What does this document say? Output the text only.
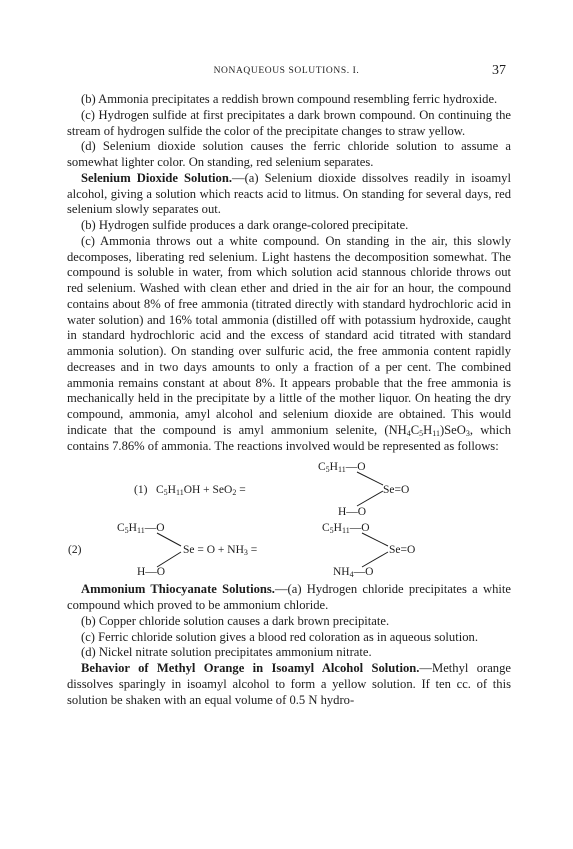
NONAQUEOUS SOLUTIONS. I.	37

(b) Ammonia precipitates a reddish brown compound resembling ferric hydroxide.

(c) Hydrogen sulfide at first precipitates a dark brown compound. On continuing the stream of hydrogen sulfide the color of the precipitate changes to straw yellow.

(d) Selenium dioxide solution causes the ferric chloride solution to assume a somewhat lighter color. On standing, red selenium separates.

Selenium Dioxide Solution.—(a) Selenium dioxide dissolves readily in isoamyl alcohol, giving a solution which reacts acid to litmus. On standing for several days, red selenium slowly separates out.

(b) Hydrogen sulfide produces a dark orange-colored precipitate.

(c) Ammonia throws out a white compound. On standing in the air, this slowly decomposes, liberating red selenium. Light hastens the decomposition somewhat. The compound is soluble in water, from which solution acid stannous chloride throws out red selenium. Washed with clean ether and dried in the air for an hour, the compound contains about 8% of free ammonia (titrated directly with standard hydrochloric acid in water solution) and 16% total ammonia (distilled off with potassium hydroxide, caught in standard hydrochloric acid and the excess of standard acid titrated with standard ammonia solution). On standing over sulfuric acid, the free ammonia content rapidly decreases and in two days amounts to only a fraction of a per cent. The combined ammonia remains constant at about 8%. It appears probable that the free ammonia is mechanically held in the precipitate by a little of the mother liquor. On heating the dry compound, ammonia, amyl alcohol and selenium dioxide are obtained. This would indicate that the compound is amyl ammonium selenite, $(NH_4C_5H_{11})SeO_3$, which contains 7.86% of ammonia. The reactions involved would be represented as follows:

(1) $C_5H_{11}OH + SeO_2$ =
$C_5H_{11}—O$
Se=O
H—O
(2)
$C_5H_{11}—O$
$Se = O + NH_3$ =
H—O
$C_5H_{11}—O$
Se=O
$NH_4—O$

Ammonium Thiocyanate Solutions.—(a) Hydrogen chloride precipitates a white compound which proved to be ammonium chloride.

(b) Copper chloride solution causes a dark brown precipitate.

(c) Ferric chloride solution gives a blood red coloration as in aqueous solution.

(d) Nickel nitrate solution precipitates ammonium nitrate.

Behavior of Methyl Orange in Isoamyl Alcohol Solution.—Methyl orange dissolves sparingly in isoamyl alcohol to form a yellow solution. If ten cc. of this solution be shaken with an equal volume of 0.5 N hydro-
